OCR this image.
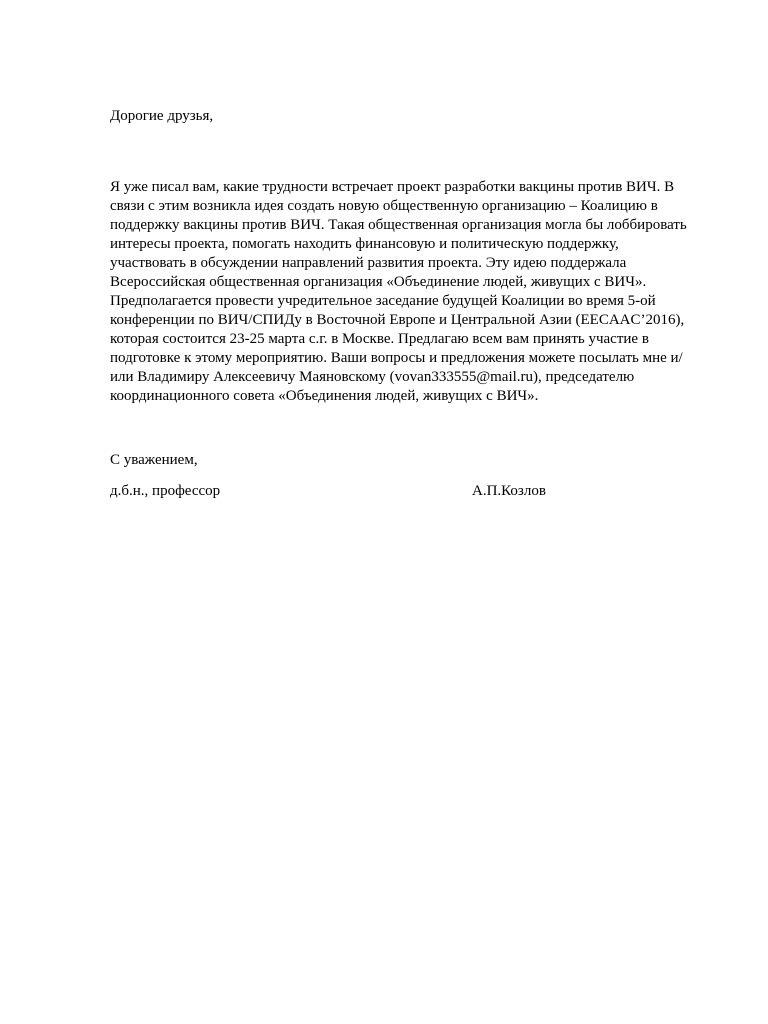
Дорогие друзья,

Я уже писал вам, какие трудности встречает проект разработки вакцины против ВИЧ. В

связи с этим возникла идея создать новую общественную организацию – Коалицию в

поддержку вакцины против ВИЧ. Такая общественная организация могла бы лоббировать

интересы проекта, помогать находить финансовую и политическую поддержку,

участвовать в обсуждении направлений развития проекта. Эту идею поддержала

Всероссийская общественная организация «Объединение людей, живущих с ВИЧ».

Предполагается провести учредительное заседание будущей Коалиции во время 5-ой

конференции по ВИЧ/СПИДу в Восточной Европе и Центральной Азии (EECAAC’2016),

которая состоится 23-25 марта с.г. в Москве. Предлагаю всем вам принять участие в

подготовке к этому мероприятию. Ваши вопросы и предложения можете посылать мне и/

или Владимиру Алексеевичу Маяновскому (vovan333555@mail.ru), председателю

координационного совета «Объединения людей, живущих с ВИЧ».

С уважением,

д.б.н., профессор	А.П.Козлов
